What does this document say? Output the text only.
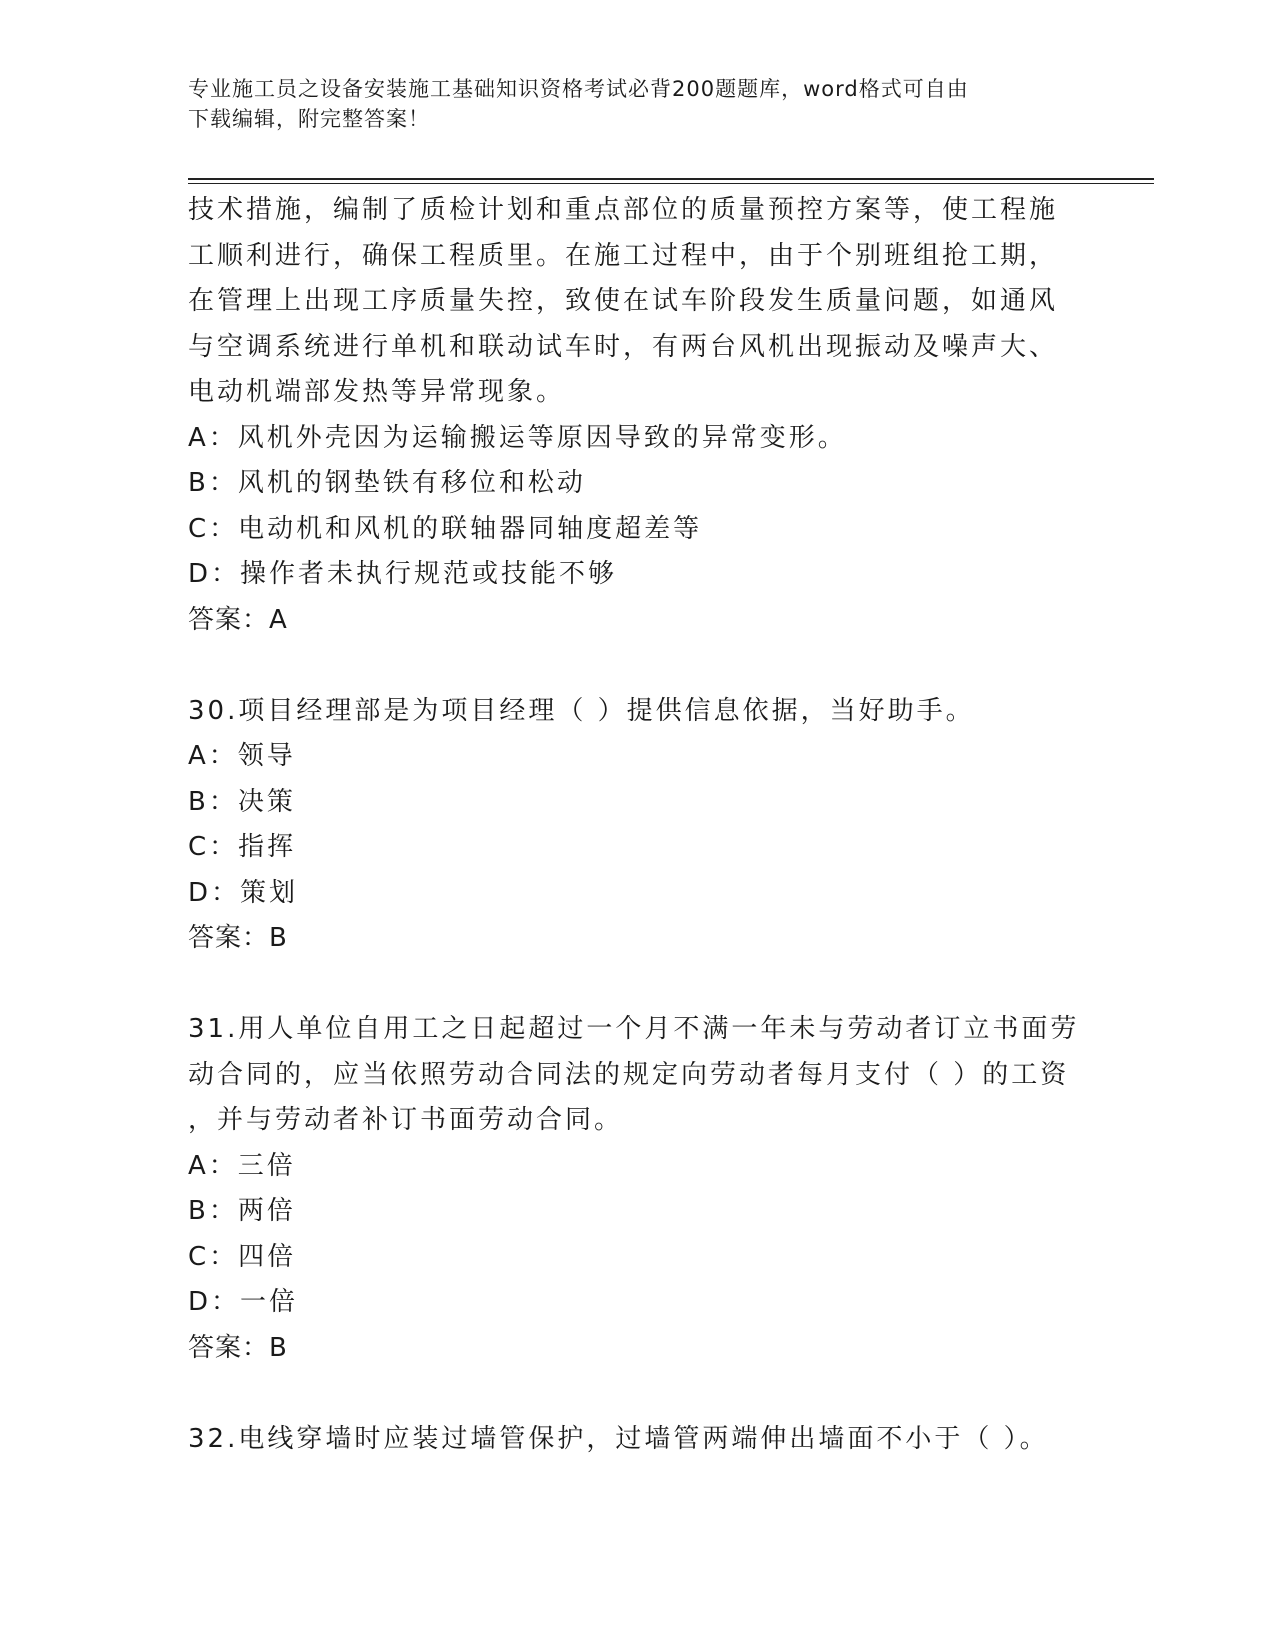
专业施工员之设备安装施工基础知识资格考试必背200题题库，word格式可自由
下载编辑，附完整答案！
技术措施，编制了质检计划和重点部位的质量预控方案等，使工程施
工顺利进行，确保工程质里。在施工过程中，由于个别班组抢工期，
在管理上出现工序质量失控，致使在试车阶段发生质量问题，如通风
与空调系统进行单机和联动试车时，有两台风机出现振动及噪声大、
电动机端部发热等异常现象。
A：风机外壳因为运输搬运等原因导致的异常变形。
B：风机的钢垫铁有移位和松动
C：电动机和风机的联轴器同轴度超差等
D：操作者未执行规范或技能不够
答案：A
30.项目经理部是为项目经理（ ）提供信息依据，当好助手。
A：领导
B：决策
C：指挥
D：策划
答案：B
31.用人单位自用工之日起超过一个月不满一年未与劳动者订立书面劳
动合同的，应当依照劳动合同法的规定向劳动者每月支付（ ）的工资
，并与劳动者补订书面劳动合同。
A：三倍
B：两倍
C：四倍
D：一倍
答案：B
32.电线穿墙时应装过墙管保护，过墙管两端伸出墙面不小于（ ）。
